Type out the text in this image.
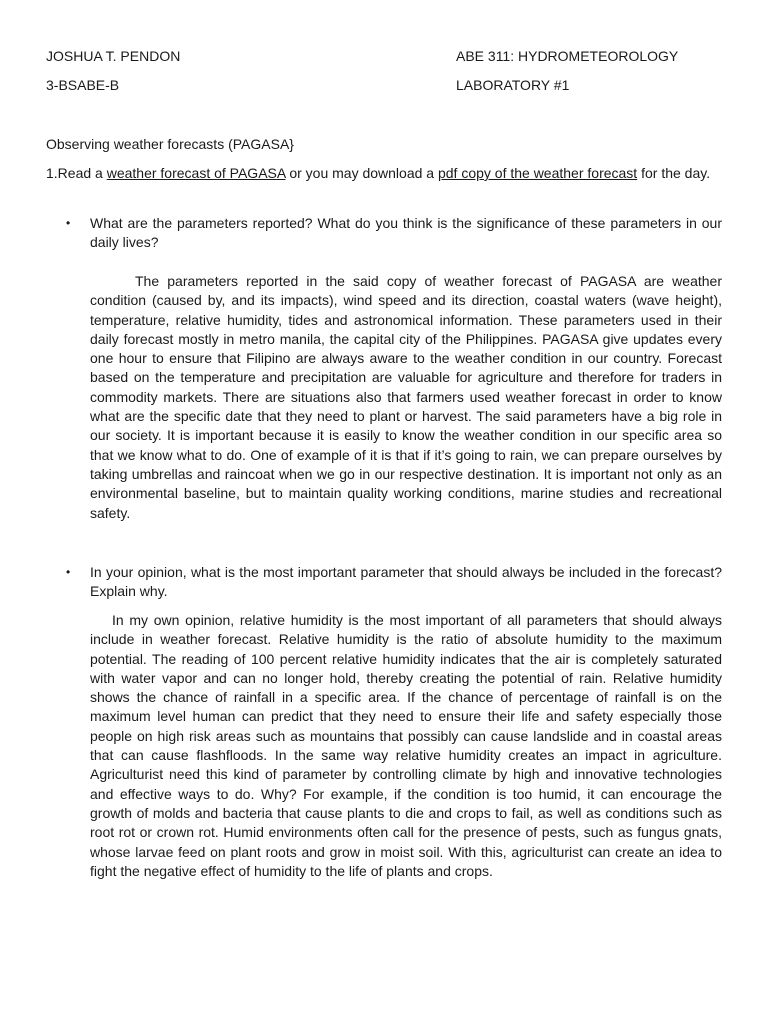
JOSHUA T. PENDON	ABE 311: HYDROMETEOROLOGY
3-BSABE-B	LABORATORY #1
Observing weather forecasts (PAGASA}
1.Read a weather forecast of PAGASA or you may download a pdf copy of the weather forecast for the day.
• What are the parameters reported? What do you think is the significance of these parameters in our daily lives?

The parameters reported in the said copy of weather forecast of PAGASA are weather condition (caused by, and its impacts), wind speed and its direction, coastal waters (wave height), temperature, relative humidity, tides and astronomical information. These parameters used in their daily forecast mostly in metro manila, the capital city of the Philippines. PAGASA give updates every one hour to ensure that Filipino are always aware to the weather condition in our country. Forecast based on the temperature and precipitation are valuable for agriculture and therefore for traders in commodity markets. There are situations also that farmers used weather forecast in order to know what are the specific date that they need to plant or harvest. The said parameters have a big role in our society. It is important because it is easily to know the weather condition in our specific area so that we know what to do. One of example of it is that if it’s going to rain, we can prepare ourselves by taking umbrellas and raincoat when we go in our respective destination. It is important not only as an environmental baseline, but to maintain quality working conditions, marine studies and recreational safety.

• In your opinion, what is the most important parameter that should always be included in the forecast? Explain why.

In my own opinion, relative humidity is the most important of all parameters that should always include in weather forecast. Relative humidity is the ratio of absolute humidity to the maximum potential. The reading of 100 percent relative humidity indicates that the air is completely saturated with water vapor and can no longer hold, thereby creating the potential of rain. Relative humidity shows the chance of rainfall in a specific area. If the chance of percentage of rainfall is on the maximum level human can predict that they need to ensure their life and safety especially those people on high risk areas such as mountains that possibly can cause landslide and in coastal areas that can cause flashfloods. In the same way relative humidity creates an impact in agriculture. Agriculturist need this kind of parameter by controlling climate by high and innovative technologies and effective ways to do. Why? For example, if the condition is too humid, it can encourage the growth of molds and bacteria that cause plants to die and crops to fail, as well as conditions such as root rot or crown rot. Humid environments often call for the presence of pests, such as fungus gnats, whose larvae feed on plant roots and grow in moist soil. With this, agriculturist can create an idea to fight the negative effect of humidity to the life of plants and crops.
